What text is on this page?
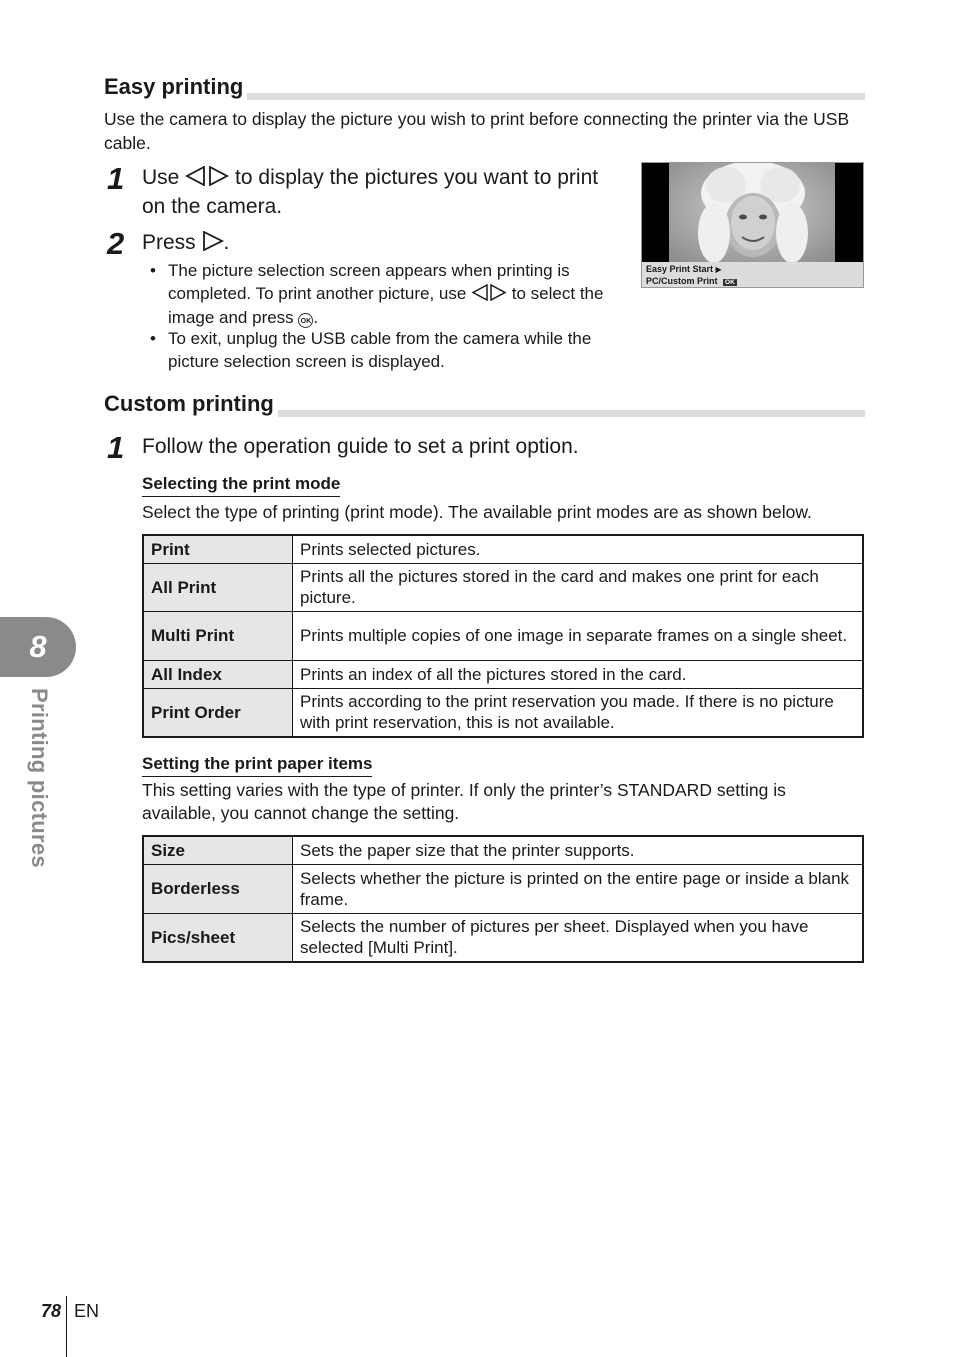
Easy printing
Use the camera to display the picture you wish to print before connecting the printer via the USB cable.
1 Use	to display the pictures you want to print on the camera.
2 Press .
• The picture selection screen appears when printing is completed. To print another picture, use	to select the image and press OK .
• To exit, unplug the USB cable from the camera while the picture selection screen is displayed.
Easy Print Start ▶
PC/Custom Print OK
Custom printing
1 Follow the operation guide to set a print option.
Selecting the print mode
Select the type of printing (print mode). The available print modes are as shown below.
Print	Prints selected pictures.
All Print	Prints all the pictures stored in the card and makes one print for each picture.
Multi Print	Prints multiple copies of one image in separate frames on a single sheet.
All Index	Prints an index of all the pictures stored in the card.
Print Order	Prints according to the print reservation you made. If there is no picture with print reservation, this is not available.
Setting the print paper items
This setting varies with the type of printer. If only the printer’s STANDARD setting is available, you cannot change the setting.
Size	Sets the paper size that the printer supports.
Borderless	Selects whether the picture is printed on the entire page or inside a blank frame.
Pics/sheet	Selects the number of pictures per sheet. Displayed when you have selected [Multi Print].
8
Printing pictures
78 EN
